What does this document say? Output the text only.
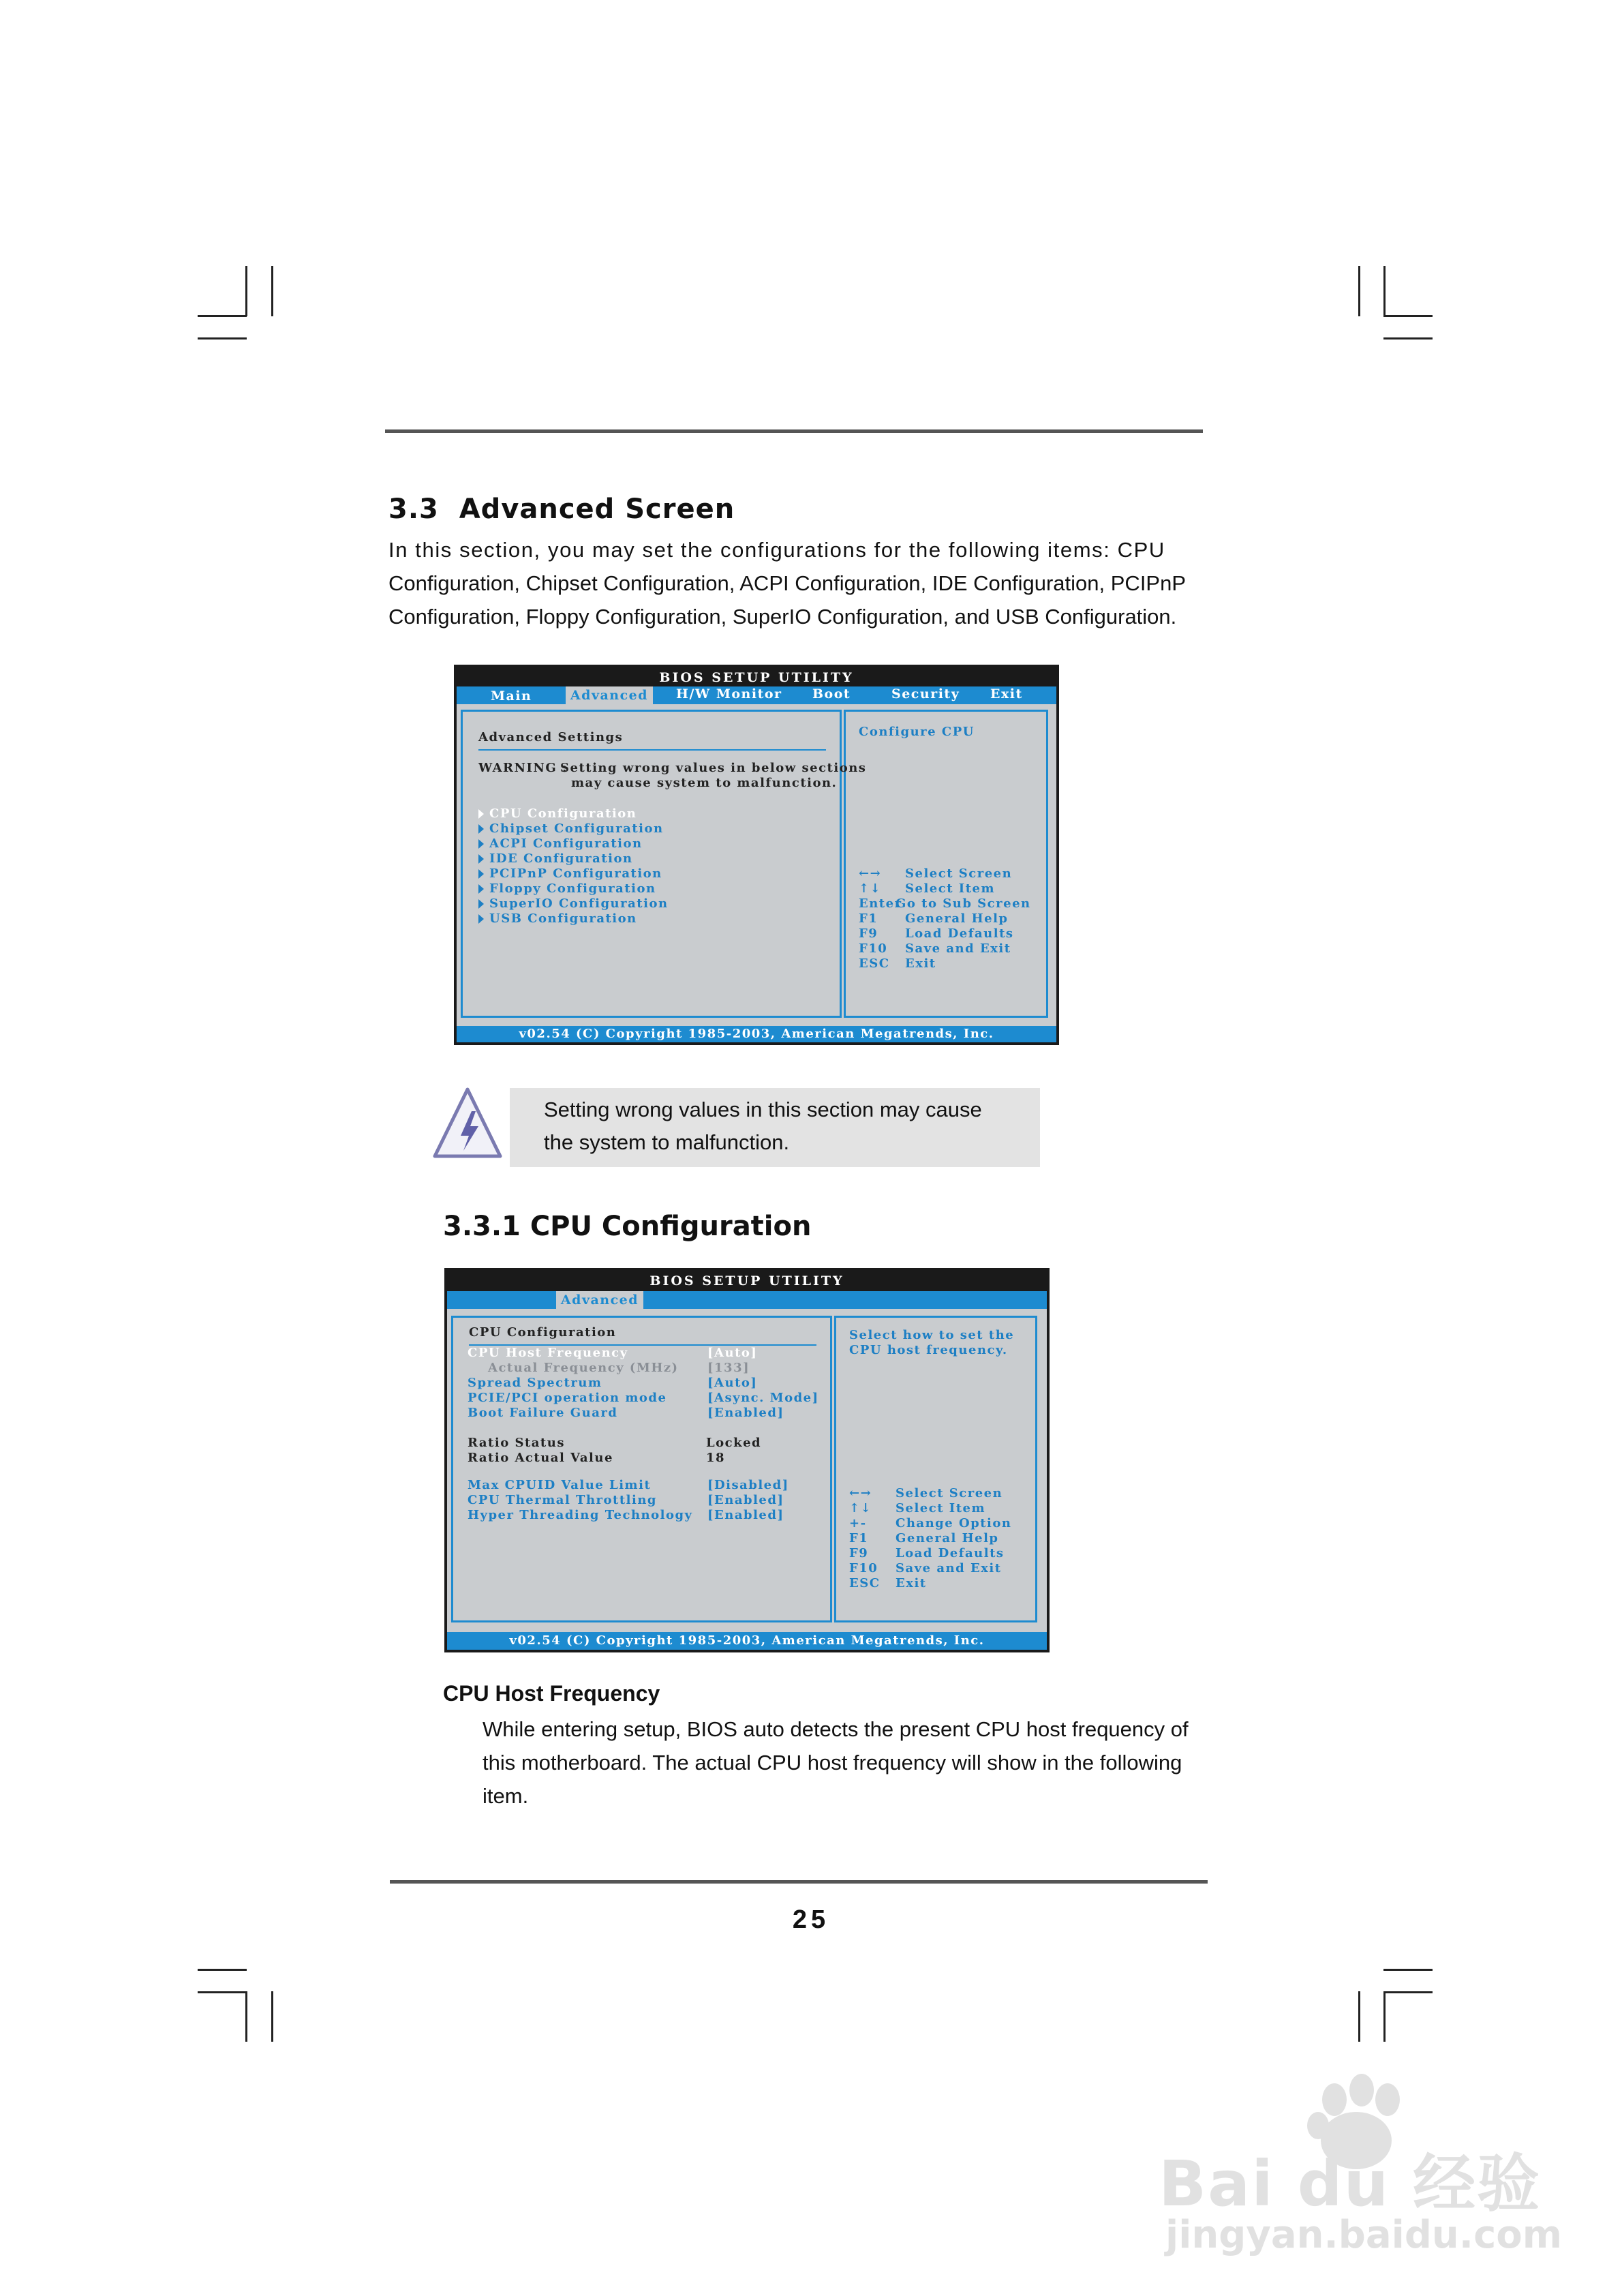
3.3  Advanced Screen
In this section, you may set the configurations for the following items: CPU
Configuration, Chipset Configuration, ACPI Configuration, IDE Configuration, PCIPnP
Configuration, Floppy Configuration, SuperIO Configuration, and USB Configuration.
BIOS SETUP UTILITY
Main	Advanced	H/W Monitor Boot	Security Exit
Advanced Settings
WARNING :
Setting wrong values in below sections
may cause system to malfunction.
CPU Configuration
Chipset Configuration
ACPI Configuration
IDE Configuration
PCIPnP Configuration
Floppy Configuration
SuperIO Configuration
USB Configuration
Configure CPU
←→ Select Screen
↑↓ Select Item
EnterGo to Sub Screen
F1 General Help
F9 Load Defaults
F10 Save and Exit
ESC Exit
v02.54 (C) Copyright 1985-2003, American Megatrends, Inc.
Setting wrong values in this section may cause
the system to malfunction.
3.3.1 CPU Configuration
BIOS SETUP UTILITY
Advanced
CPU Configuration
CPU Host Frequency	[Auto]
Actual Frequency (MHz) [133]
Spread Spectrum	[Auto]
PCIE/PCI operation mode	[Async. Mode]
Boot Failure Guard	[Enabled]
Ratio Status	Locked
Ratio Actual Value	18
Max CPUID Value Limit	[Disabled]
CPU Thermal Throttling	[Enabled]
Hyper Threading Technology [Enabled]
Select how to set the
CPU host frequency.
←→ Select Screen
↑↓ Select Item
+- Change Option
F1 General Help
F9 Load Defaults
F10 Save and Exit
ESC Exit
v02.54 (C) Copyright 1985-2003, American Megatrends, Inc.
CPU Host Frequency
While entering setup, BIOS auto detects the present CPU host frequency of
this motherboard. The actual CPU host frequency will show in the following
item.
25
Bai du 经验
jingyan.baidu.com
